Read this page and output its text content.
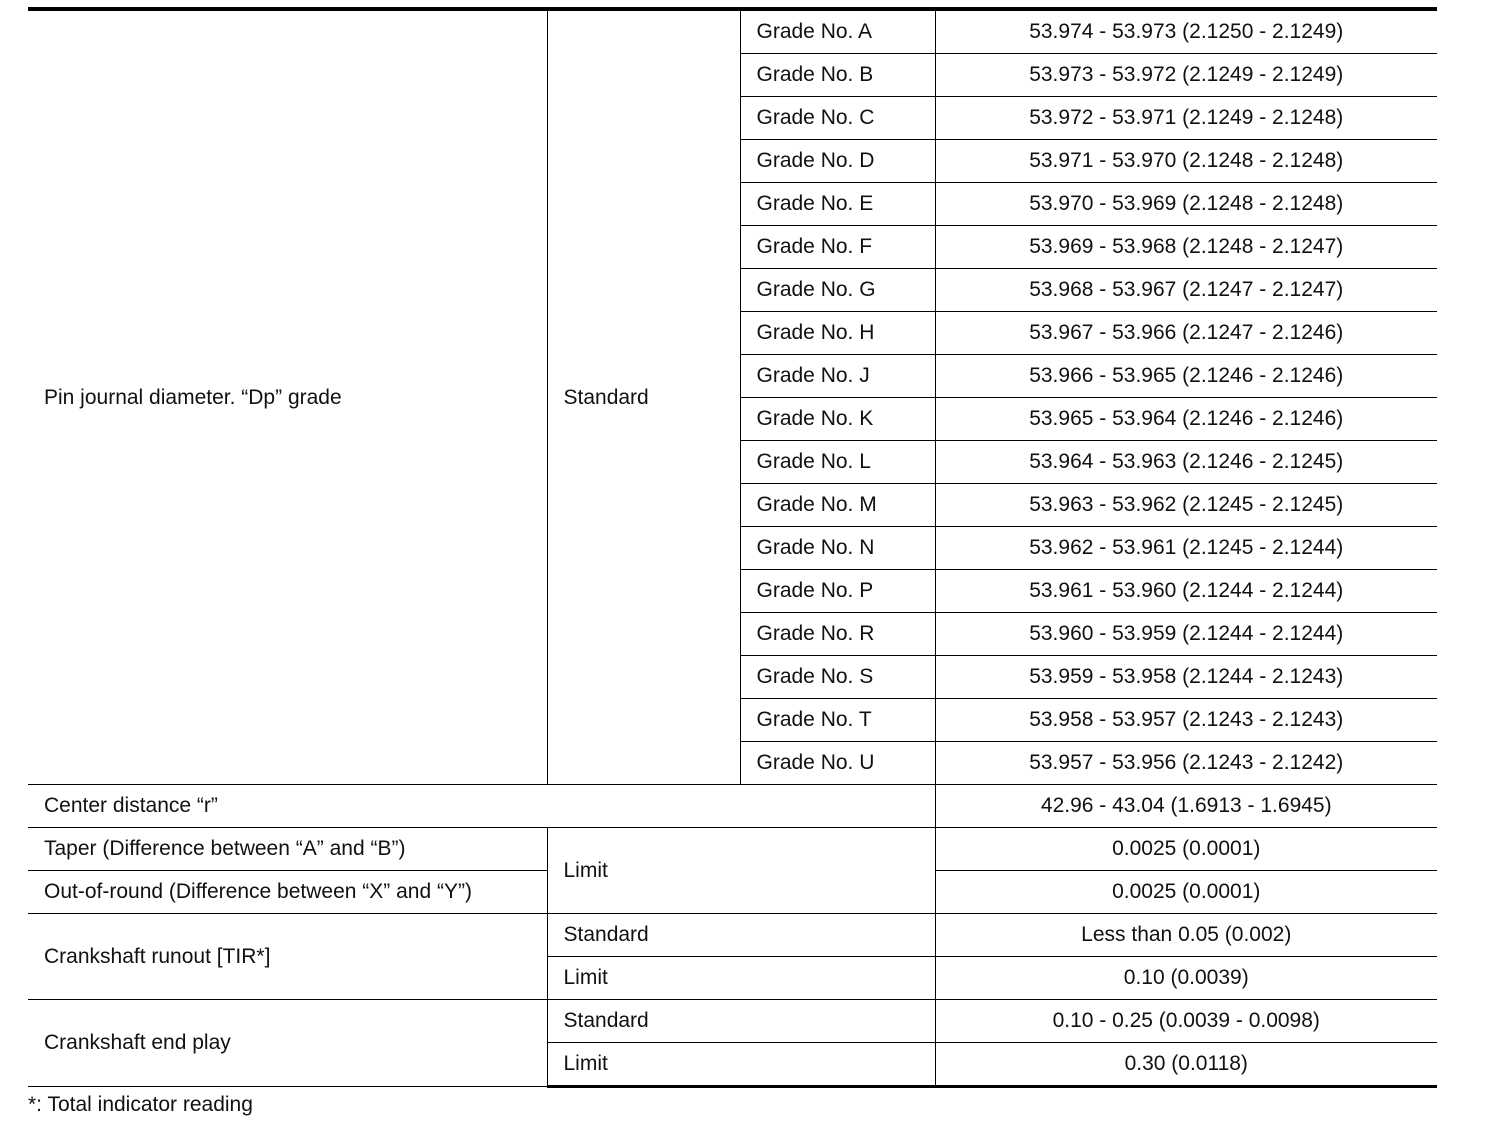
Pin journal diameter. “Dp” grade	Standard	Grade No. A	53.974 - 53.973 (2.1250 - 2.1249)
		Grade No. B	53.973 - 53.972 (2.1249 - 2.1249)
		Grade No. C	53.972 - 53.971 (2.1249 - 2.1248)
		Grade No. D	53.971 - 53.970 (2.1248 - 2.1248)
		Grade No. E	53.970 - 53.969 (2.1248 - 2.1248)
		Grade No. F	53.969 - 53.968 (2.1248 - 2.1247)
		Grade No. G	53.968 - 53.967 (2.1247 - 2.1247)
		Grade No. H	53.967 - 53.966 (2.1247 - 2.1246)
		Grade No. J	53.966 - 53.965 (2.1246 - 2.1246)
		Grade No. K	53.965 - 53.964 (2.1246 - 2.1246)
		Grade No. L	53.964 - 53.963 (2.1246 - 2.1245)
		Grade No. M	53.963 - 53.962 (2.1245 - 2.1245)
		Grade No. N	53.962 - 53.961 (2.1245 - 2.1244)
		Grade No. P	53.961 - 53.960 (2.1244 - 2.1244)
		Grade No. R	53.960 - 53.959 (2.1244 - 2.1244)
		Grade No. S	53.959 - 53.958 (2.1244 - 2.1243)
		Grade No. T	53.958 - 53.957 (2.1243 - 2.1243)
		Grade No. U	53.957 - 53.956 (2.1243 - 2.1242)
Center distance “r”			42.96 - 43.04 (1.6913 - 1.6945)
Taper (Difference between “A” and “B”)	Limit		0.0025 (0.0001)
Out-of-round (Difference between “X” and “Y”)			0.0025 (0.0001)
Crankshaft runout [TIR*]	Standard		Less than 0.05 (0.002)
	Limit		0.10 (0.0039)
Crankshaft end play	Standard		0.10 - 0.25 (0.0039 - 0.0098)
	Limit		0.30 (0.0118)
*: Total indicator reading
